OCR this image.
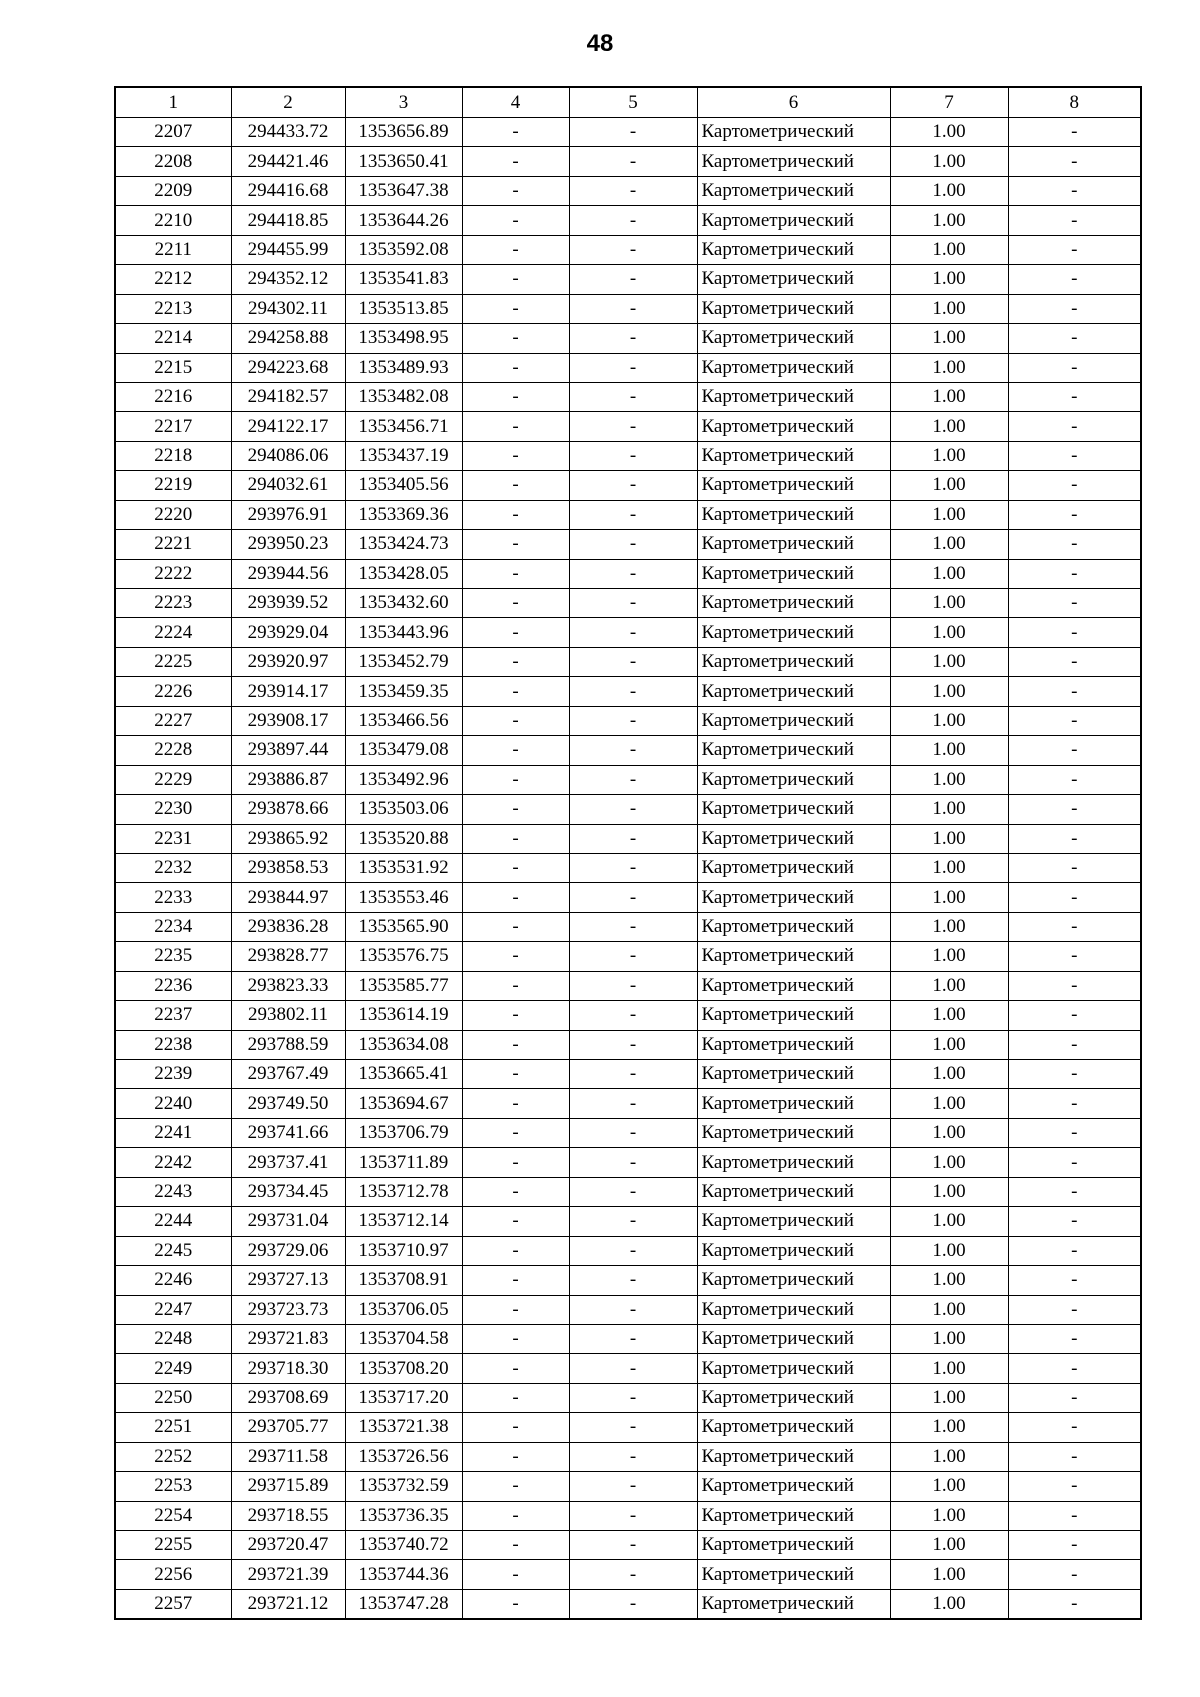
48
1	2	3	4	5	6	7	8
2207	294433.72	1353656.89	-	-	Картометрический	1.00	-
2208	294421.46	1353650.41	-	-	Картометрический	1.00	-
2209	294416.68	1353647.38	-	-	Картометрический	1.00	-
2210	294418.85	1353644.26	-	-	Картометрический	1.00	-
2211	294455.99	1353592.08	-	-	Картометрический	1.00	-
2212	294352.12	1353541.83	-	-	Картометрический	1.00	-
2213	294302.11	1353513.85	-	-	Картометрический	1.00	-
2214	294258.88	1353498.95	-	-	Картометрический	1.00	-
2215	294223.68	1353489.93	-	-	Картометрический	1.00	-
2216	294182.57	1353482.08	-	-	Картометрический	1.00	-
2217	294122.17	1353456.71	-	-	Картометрический	1.00	-
2218	294086.06	1353437.19	-	-	Картометрический	1.00	-
2219	294032.61	1353405.56	-	-	Картометрический	1.00	-
2220	293976.91	1353369.36	-	-	Картометрический	1.00	-
2221	293950.23	1353424.73	-	-	Картометрический	1.00	-
2222	293944.56	1353428.05	-	-	Картометрический	1.00	-
2223	293939.52	1353432.60	-	-	Картометрический	1.00	-
2224	293929.04	1353443.96	-	-	Картометрический	1.00	-
2225	293920.97	1353452.79	-	-	Картометрический	1.00	-
2226	293914.17	1353459.35	-	-	Картометрический	1.00	-
2227	293908.17	1353466.56	-	-	Картометрический	1.00	-
2228	293897.44	1353479.08	-	-	Картометрический	1.00	-
2229	293886.87	1353492.96	-	-	Картометрический	1.00	-
2230	293878.66	1353503.06	-	-	Картометрический	1.00	-
2231	293865.92	1353520.88	-	-	Картометрический	1.00	-
2232	293858.53	1353531.92	-	-	Картометрический	1.00	-
2233	293844.97	1353553.46	-	-	Картометрический	1.00	-
2234	293836.28	1353565.90	-	-	Картометрический	1.00	-
2235	293828.77	1353576.75	-	-	Картометрический	1.00	-
2236	293823.33	1353585.77	-	-	Картометрический	1.00	-
2237	293802.11	1353614.19	-	-	Картометрический	1.00	-
2238	293788.59	1353634.08	-	-	Картометрический	1.00	-
2239	293767.49	1353665.41	-	-	Картометрический	1.00	-
2240	293749.50	1353694.67	-	-	Картометрический	1.00	-
2241	293741.66	1353706.79	-	-	Картометрический	1.00	-
2242	293737.41	1353711.89	-	-	Картометрический	1.00	-
2243	293734.45	1353712.78	-	-	Картометрический	1.00	-
2244	293731.04	1353712.14	-	-	Картометрический	1.00	-
2245	293729.06	1353710.97	-	-	Картометрический	1.00	-
2246	293727.13	1353708.91	-	-	Картометрический	1.00	-
2247	293723.73	1353706.05	-	-	Картометрический	1.00	-
2248	293721.83	1353704.58	-	-	Картометрический	1.00	-
2249	293718.30	1353708.20	-	-	Картометрический	1.00	-
2250	293708.69	1353717.20	-	-	Картометрический	1.00	-
2251	293705.77	1353721.38	-	-	Картометрический	1.00	-
2252	293711.58	1353726.56	-	-	Картометрический	1.00	-
2253	293715.89	1353732.59	-	-	Картометрический	1.00	-
2254	293718.55	1353736.35	-	-	Картометрический	1.00	-
2255	293720.47	1353740.72	-	-	Картометрический	1.00	-
2256	293721.39	1353744.36	-	-	Картометрический	1.00	-
2257	293721.12	1353747.28	-	-	Картометрический	1.00	-
